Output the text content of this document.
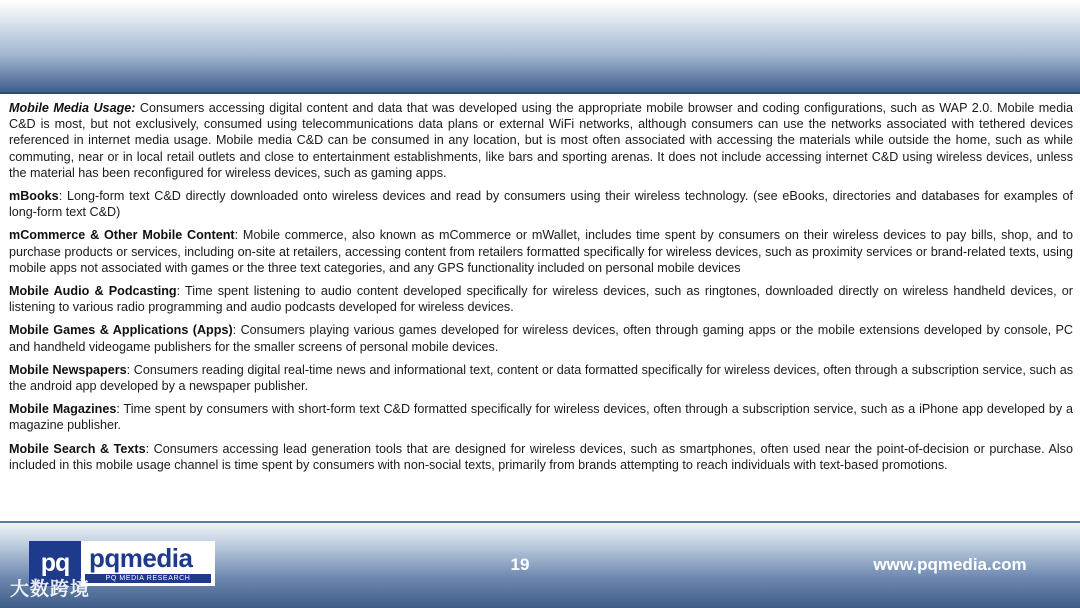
Mobile Media Usage: Consumers accessing digital content and data that was developed using the appropriate mobile browser and coding configurations, such as WAP 2.0. Mobile media C&D is most, but not exclusively, consumed using telecommunications data plans or external WiFi networks, although consumers can use the networks associated with tethered devices referenced in internet media usage. Mobile media C&D can be consumed in any location, but is most often associated with accessing the materials while outside the home, such as while commuting, near or in local retail outlets and close to entertainment establishments, like bars and sporting arenas. It does not include accessing internet C&D using wireless devices, unless the material has been reconfigured for wireless devices, such as gaming apps.

mBooks: Long-form text C&D directly downloaded onto wireless devices and read by consumers using their wireless technology. (see eBooks, directories and databases for examples of long-form text C&D)

mCommerce & Other Mobile Content: Mobile commerce, also known as mCommerce or mWallet, includes time spent by consumers on their wireless devices to pay bills, shop, and to purchase products or services, including on-site at retailers, accessing content from retailers formatted specifically for wireless devices, such as proximity services or brand-related texts, using mobile apps not associated with games or the three text categories, and any GPS functionality included on personal mobile devices

Mobile Audio & Podcasting: Time spent listening to audio content developed specifically for wireless devices, such as ringtones, downloaded directly on wireless handheld devices, or listening to various radio programming and audio podcasts developed for wireless devices.

Mobile Games & Applications (Apps): Consumers playing various games developed for wireless devices, often through gaming apps or the mobile extensions developed by console, PC and handheld videogame publishers for the smaller screens of personal mobile devices.

Mobile Newspapers: Consumers reading digital real-time news and informational text, content or data formatted specifically for wireless devices, often through a subscription service, such as the android app developed by a newspaper publisher.

Mobile Magazines: Time spent by consumers with short-form text C&D formatted specifically for wireless devices, often through a subscription service, such as a iPhone app developed by a magazine publisher.

Mobile Search & Texts: Consumers accessing lead generation tools that are designed for wireless devices, such as smartphones, often used near the point-of-decision or purchase. Also included in this mobile usage channel is time spent by consumers with non-social texts, primarily from brands attempting to reach individuals with text-based promotions.

pq pqmedia
PQ MEDIA RESEARCH
19	www.pqmedia.com
大数跨境
